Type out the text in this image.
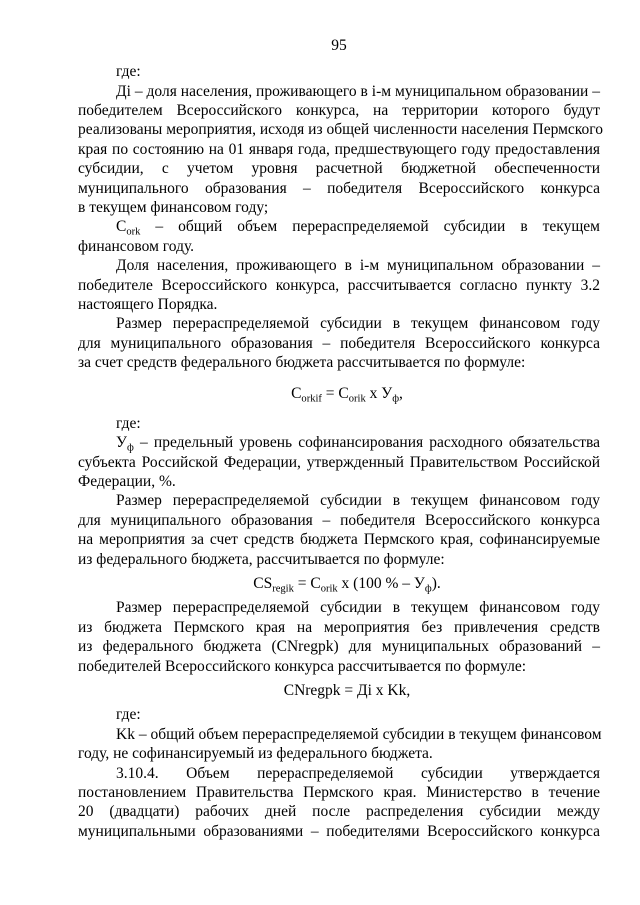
95
где:
Дi – доля населения, проживающего в i-м муниципальном образовании –
победителем Всероссийского конкурса, на территории которого будут
реализованы мероприятия, исходя из общей численности населения Пермского
края по состоянию на 01 января года, предшествующего году предоставления
субсидии, с учетом уровня расчетной бюджетной обеспеченности
муниципального образования – победителя Всероссийского конкурса
в текущем финансовом году;
$C_{ork}$ – общий объем перераспределяемой субсидии в текущем
финансовом году.
Доля населения, проживающего в i-м муниципальном образовании –
победителе Всероссийского конкурса, рассчитывается согласно пункту 3.2
настоящего Порядка.
Размер перераспределяемой субсидии в текущем финансовом году
для муниципального образования – победителя Всероссийского конкурса
за счет средств федерального бюджета рассчитывается по формуле:
$C_{orkif} = C_{orik}$ x $У_ф$,
где:
$У_ф$ – предельный уровень софинансирования расходного обязательства
субъекта Российской Федерации, утвержденный Правительством Российской
Федерации, %.
Размер перераспределяемой субсидии в текущем финансовом году
для муниципального образования – победителя Всероссийского конкурса
на мероприятия за счет средств бюджета Пермского края, софинансируемые
из федерального бюджета, рассчитывается по формуле:
$CS_{regik} = C_{orik}$ x (100 % – $У_ф$).
Размер перераспределяемой субсидии в текущем финансовом году
из бюджета Пермского края на мероприятия без привлечения средств
из федерального бюджета (CNregpk) для муниципальных образований –
победителей Всероссийского конкурса рассчитывается по формуле:
CNregpk = Дi x Kk,
где:
Kk – общий объем перераспределяемой субсидии в текущем финансовом
году, не софинансируемый из федерального бюджета.
3.10.4. Объем перераспределяемой субсидии утверждается
постановлением Правительства Пермского края. Министерство в течение
20 (двадцати) рабочих дней после распределения субсидии между
муниципальными образованиями – победителями Всероссийского конкурса
